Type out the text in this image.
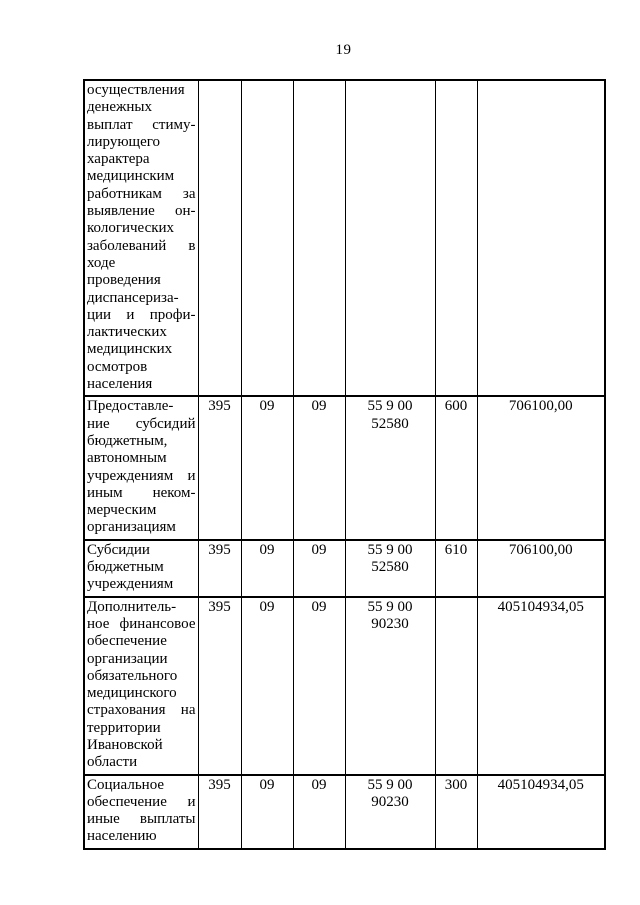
19
осуществления
денежных
выплат стиму-
лирующего
характера
медицинским
работникам за
выявление он-
кологических
заболеваний в
ходе
проведения
диспансериза-
ции и профи-
лактических
медицинских
осмотров
населения

Предоставле-
ние субсидий
бюджетным,
автономным
учреждениям и
иным неком-
мерческим
организациям
	395	09	09	55 9 00 52580	600	706100,00

Субсидии
бюджетным
учреждениям	395	09	09	55 9 00 52580	610	706100,00

Дополнитель-
ное финансовое
обеспечение
организации
обязательного
медицинского
страхования на
территории
Ивановской
области
	395	09	09	55 9 00 90230		405104934,05

Социальное
обеспечение и
иные выплаты
населению	395	09	09	55 9 00 90230	300	405104934,05
